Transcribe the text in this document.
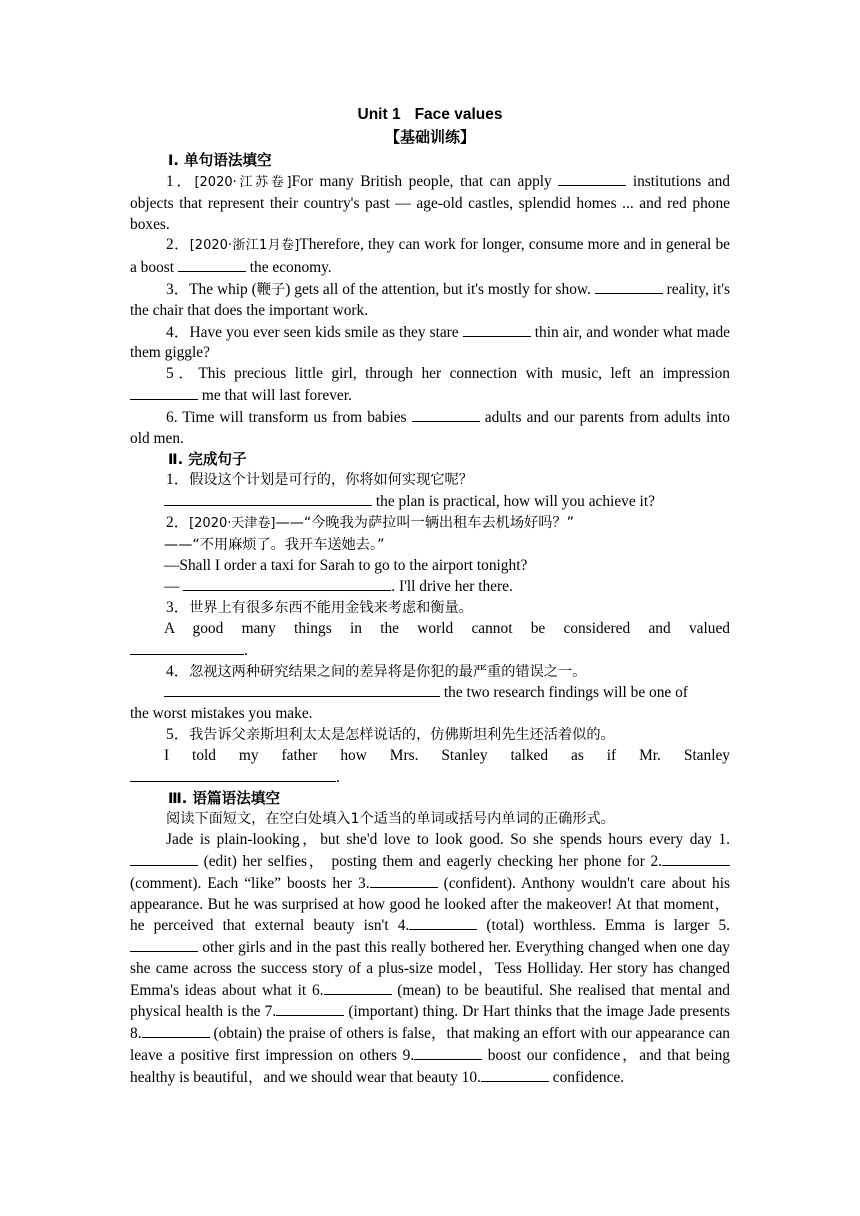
Unit 1 Face values
【基础训练】
Ⅰ. 单句语法填空

1．[2020·江苏卷]For many British people, that can apply	institutions and objects that represent their country's past — age-old castles, splendid homes ... and red phone boxes.

2．[2020·浙江1月卷]Therefore, they can work for longer, consume more and in general be a boost	the economy.

3．The whip (鞭子) gets all of the attention, but it's mostly for show.	reality, it's the chair that does the important work.

4．Have you ever seen kids smile as they stare	thin air, and wonder what made them giggle?

5．This precious little girl, through her connection with music, left an impression  me that will last forever.

6. Time will transform us from babies	adults and our parents from adults into old men.

Ⅱ. 完成句子

1．假设这个计划是可行的，你将如何实现它呢？

the plan is practical, how will you achieve it?

2．[2020·天津卷]——“今晚我为萨拉叫一辆出租车去机场好吗？”

——“不用麻烦了。我开车送她去。”

—Shall I order a taxi for Sarah to go to the airport tonight?

—	. I'll drive her there.

3．世界上有很多东西不能用金钱来考虑和衡量。

A good many things in the world cannot be considered and valued

.

4．忽视这两种研究结果之间的差异将是你犯的最严重的错误之一。

the two research findings will be one of

the worst mistakes you make.

5．我告诉父亲斯坦利太太是怎样说话的，仿佛斯坦利先生还活着似的。

I told my father how Mrs. Stanley talked as if Mr. Stanley

.

Ⅲ. 语篇语法填空

阅读下面短文，在空白处填入1个适当的单词或括号内单词的正确形式。

Jade is plain-looking，but she'd love to look good. So she spends hours every day 1. (edit) her selfies， posting them and eagerly checking her phone for 2. (comment). Each “like” boosts her 3.	(confident). Anthony wouldn't care about his appearance. But he was surprised at how good he looked after the makeover! At that moment，he perceived that external beauty isn't 4.	(total) worthless. Emma is larger 5. other girls and in the past this really bothered her. Everything changed when one day she came across the success story of a plus-size model，Tess Holliday. Her story has changed Emma's ideas about what it 6.	(mean) to be beautiful. She realised that mental and physical health is the 7.	(important) thing. Dr Hart thinks that the image Jade presents 8.	(obtain) the praise of others is false，that making an effort with our appearance can leave a positive first impression on others 9.	boost our confidence，and that being healthy is beautiful，and we should wear that beauty 10.	confidence.
